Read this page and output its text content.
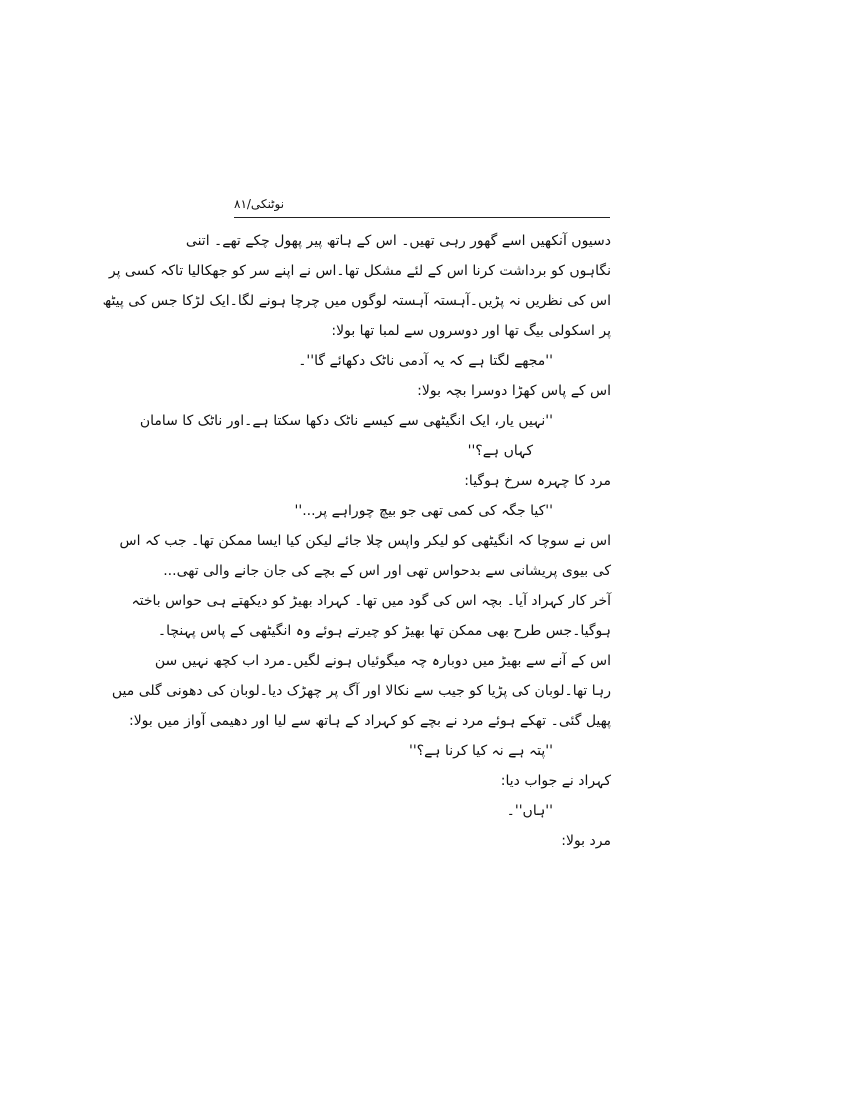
نوٹنکی/۸۱
دسیوں آنکھیں اسے گھور رہی تھیں۔ اس کے ہاتھ پیر پھول چکے تھے۔ اتنی
نگاہوں کو برداشت کرنا اس کے لئے مشکل تھا۔اس نے اپنے سر کو جھکالیا تاکہ کسی پر
اس کی نظریں نہ پڑیں۔آہستہ آہستہ لوگوں میں چرچا ہونے لگا۔ایک لڑکا جس کی پیٹھ
پر اسکولی بیگ تھا اور دوسروں سے لمبا تھا بولا:
''مجھے لگتا ہے کہ یہ آدمی ناٹک دکھائے گا''۔
اس کے پاس کھڑا دوسرا بچہ بولا:
''نہیں یار، ایک انگیٹھی سے کیسے ناٹک دکھا سکتا ہے۔اور ناٹک کا سامان
کہاں ہے؟''
مرد کا چہرہ سرخ ہوگیا:
''کیا جگہ کی کمی تھی جو بیچ چوراہے پر...''
اس نے سوچا کہ انگیٹھی کو لیکر واپس چلا جائے لیکن کیا ایسا ممکن تھا۔ جب کہ اس
کی بیوی پریشانی سے بدحواس تھی اور اس کے بچے کی جان جانے والی تھی...
آخر کار کہراد آیا۔ بچہ اس کی گود میں تھا۔ کہراد بھیڑ کو دیکھتے ہی حواس باختہ
ہوگیا۔جس طرح بھی ممکن تھا بھیڑ کو چیرتے ہوئے وہ انگیٹھی کے پاس پہنچا۔
اس کے آنے سے بھیڑ میں دوبارہ چہ میگوئیاں ہونے لگیں۔مرد اب کچھ نہیں سن
رہا تھا۔لوبان کی پڑیا کو جیب سے نکالا اور آگ پر چھڑک دیا۔لوبان کی دھونی گلی میں
پھیل گئی۔ تھکے ہوئے مرد نے بچے کو کہراد کے ہاتھ سے لیا اور دھیمی آواز میں بولا:
''پتہ ہے نہ کیا کرنا ہے؟''
کہراد نے جواب دیا:
''ہاں''۔
مرد بولا:
